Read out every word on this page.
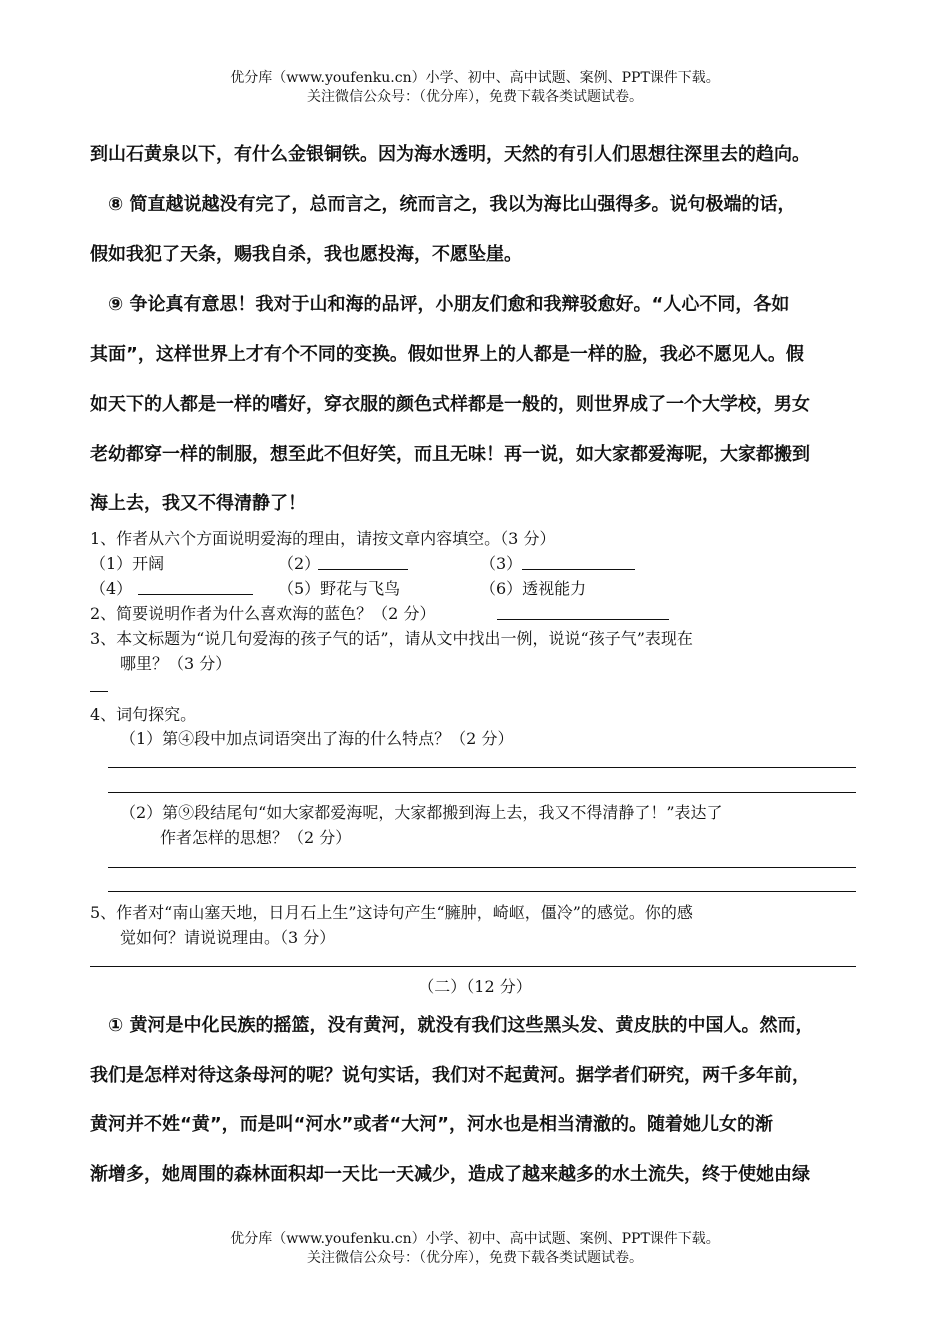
优分库（www.youfenku.cn）小学、初中、高中试题、案例、PPT课件下载。
关注微信公众号：（优分库），免费下载各类试题试卷。
到山石黄泉以下，有什么金银铜铁。因为海水透明，天然的有引人们思想往深里去的趋向。
　⑧ 简直越说越没有完了，总而言之，统而言之，我以为海比山强得多。说句极端的话，
假如我犯了天条，赐我自杀，我也愿投海，不愿坠崖。
　⑨ 争论真有意思！我对于山和海的品评，小朋友们愈和我辩驳愈好。“人心不同，各如
其面”，这样世界上才有个不同的变换。假如世界上的人都是一样的脸，我必不愿见人。假
如天下的人都是一样的嗜好，穿衣服的颜色式样都是一般的，则世界成了一个大学校，男女
老幼都穿一样的制服，想至此不但好笑，而且无味！再一说，如大家都爱海呢，大家都搬到
海上去，我又不得清静了！
1、作者从六个方面说明爱海的理由，请按文章内容填空。（3 分）
（1）开阔	（2）	（3）
（4）	（5）野花与飞鸟	（6）透视能力
2、简要说明作者为什么喜欢海的蓝色？（2 分）
3、本文标题为“说几句爱海的孩子气的话”，请从文中找出一例，说说“孩子气”表现在
哪里？（3 分）
4、词句探究。
（1）第④段中加点词语突出了海的什么特点？（2 分）
（2）第⑨段结尾句“如大家都爱海呢，大家都搬到海上去，我又不得清静了！”表达了
作者怎样的思想？（2 分）
5、作者对“南山塞天地，日月石上生”这诗句产生“臃肿，崎岖，僵冷”的感觉。你的感
觉如何？请说说理由。（3 分）
（二）（12 分）
　① 黄河是中化民族的摇篮，没有黄河，就没有我们这些黑头发、黄皮肤的中国人。然而，
我们是怎样对待这条母河的呢？说句实话，我们对不起黄河。据学者们研究，两千多年前，
黄河并不姓“黄”，而是叫“河水”或者“大河”，河水也是相当清澈的。随着她儿女的渐
渐增多，她周围的森林面积却一天比一天减少，造成了越来越多的水土流失，终于使她由绿
优分库（www.youfenku.cn）小学、初中、高中试题、案例、PPT课件下载。
关注微信公众号：（优分库），免费下载各类试题试卷。
